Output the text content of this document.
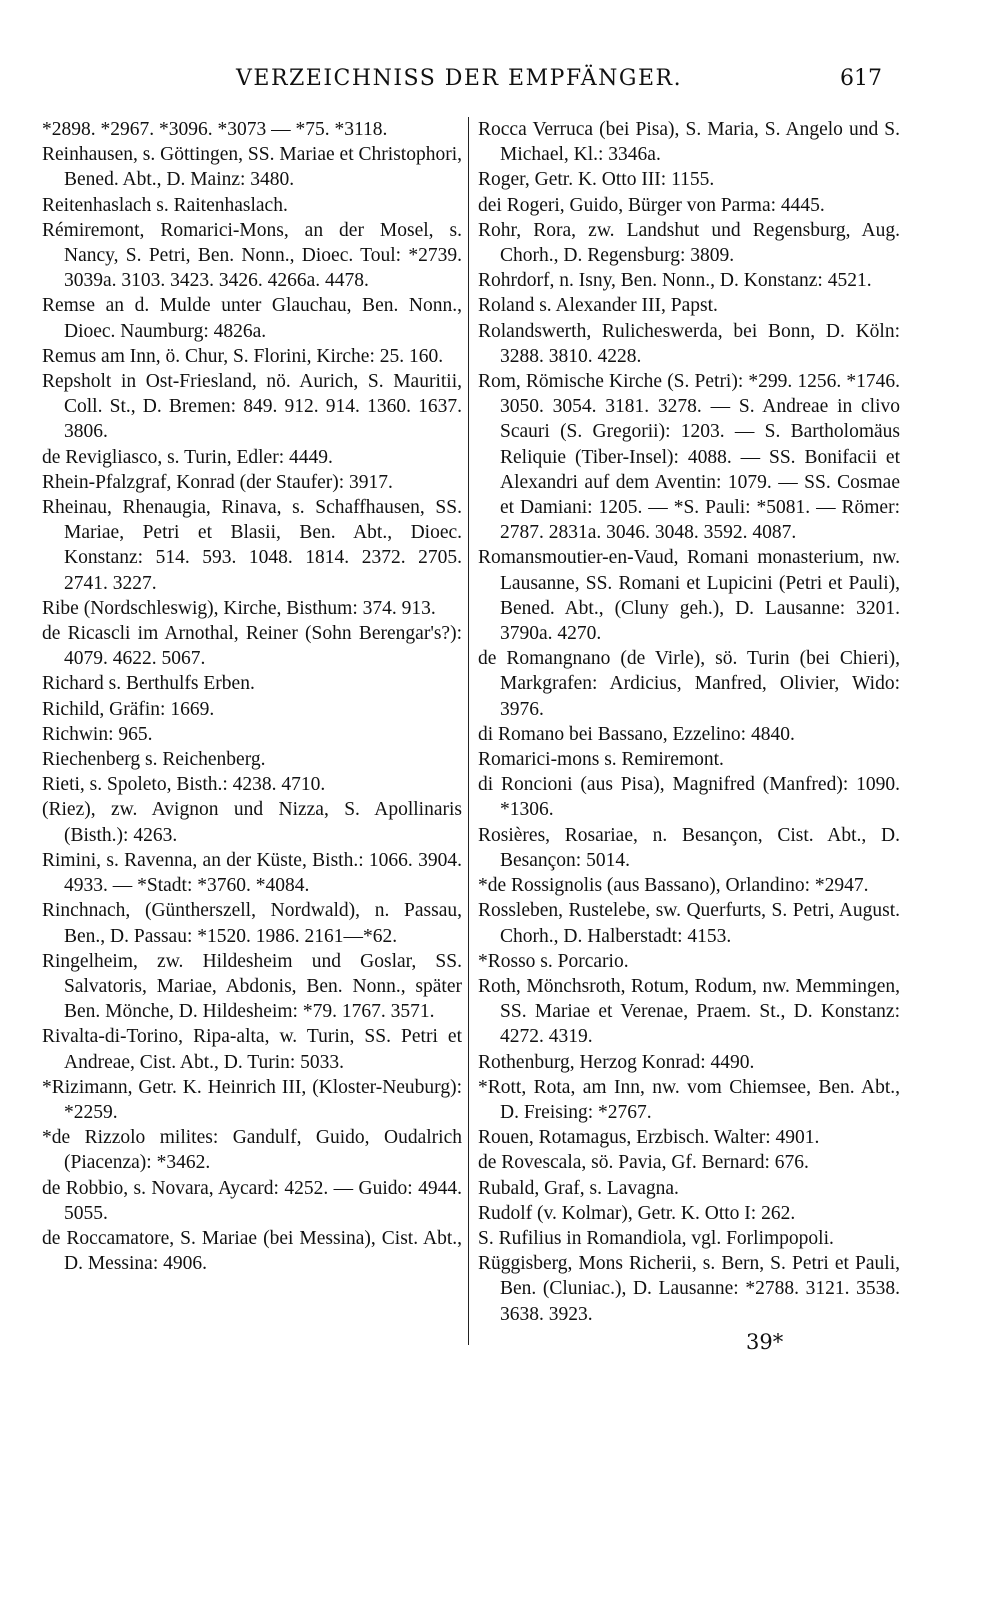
VERZEICHNISS DER EMPFÄNGER.	617

*2898. *2967. *3096. *3073 — *75. *3118.

Reinhausen, s. Göttingen, SS. Mariae et Christophori, Bened. Abt., D. Mainz: 3480.

Reitenhaslach s. Raitenhaslach.

Rémiremont, Romarici-Mons, an der Mosel, s. Nancy, S. Petri, Ben. Nonn., Dioec. Toul: *2739. 3039a. 3103. 3423. 3426. 4266a. 4478.

Remse an d. Mulde unter Glauchau, Ben. Nonn., Dioec. Naumburg: 4826a.

Remus am Inn, ö. Chur, S. Florini, Kirche: 25. 160.

Repsholt in Ost-Friesland, nö. Aurich, S. Mauritii, Coll. St., D. Bremen: 849. 912. 914. 1360. 1637. 3806.

de Revigliasco, s. Turin, Edler: 4449.

Rhein-Pfalzgraf, Konrad (der Staufer): 3917.

Rheinau, Rhenaugia, Rinava, s. Schaffhausen, SS. Mariae, Petri et Blasii, Ben. Abt., Dioec. Konstanz: 514. 593. 1048. 1814. 2372. 2705. 2741. 3227.

Ribe (Nordschleswig), Kirche, Bisthum: 374. 913.

de Ricascli im Arnothal, Reiner (Sohn Berengar's?): 4079. 4622. 5067.

Richard s. Berthulfs Erben.

Richild, Gräfin: 1669.

Richwin: 965.

Riechenberg s. Reichenberg.

Rieti, s. Spoleto, Bisth.: 4238. 4710.

(Riez), zw. Avignon und Nizza, S. Apollinaris (Bisth.): 4263.

Rimini, s. Ravenna, an der Küste, Bisth.: 1066. 3904. 4933. — *Stadt: *3760. *4084.

Rinchnach, (Güntherszell, Nordwald), n. Passau, Ben., D. Passau: *1520. 1986. 2161—*62.

Ringelheim, zw. Hildesheim und Goslar, SS. Salvatoris, Mariae, Abdonis, Ben. Nonn., später Ben. Mönche, D. Hildesheim: *79. 1767. 3571.

Rivalta-di-Torino, Ripa-alta, w. Turin, SS. Petri et Andreae, Cist. Abt., D. Turin: 5033.

*Rizimann, Getr. K. Heinrich III, (Kloster-Neuburg): *2259.

*de Rizzolo milites: Gandulf, Guido, Oudalrich (Piacenza): *3462.

de Robbio, s. Novara, Aycard: 4252. — Guido: 4944. 5055.

de Roccamatore, S. Mariae (bei Messina), Cist. Abt., D. Messina: 4906.

Rocca Verruca (bei Pisa), S. Maria, S. Angelo und S. Michael, Kl.: 3346a.

Roger, Getr. K. Otto III: 1155.

dei Rogeri, Guido, Bürger von Parma: 4445.

Rohr, Rora, zw. Landshut und Regensburg, Aug. Chorh., D. Regensburg: 3809.

Rohrdorf, n. Isny, Ben. Nonn., D. Konstanz: 4521.

Roland s. Alexander III, Papst.

Rolandswerth, Rulicheswerda, bei Bonn, D. Köln: 3288. 3810. 4228.

Rom, Römische Kirche (S. Petri): *299. 1256. *1746. 3050. 3054. 3181. 3278. — S. Andreae in clivo Scauri (S. Gregorii): 1203. — S. Bartholomäus Reliquie (Tiber-Insel): 4088. — SS. Bonifacii et Alexandri auf dem Aventin: 1079. — SS. Cosmae et Damiani: 1205. — *S. Pauli: *5081. — Römer: 2787. 2831a. 3046. 3048. 3592. 4087.

Romansmoutier-en-Vaud, Romani monasterium, nw. Lausanne, SS. Romani et Lupicini (Petri et Pauli), Bened. Abt., (Cluny geh.), D. Lausanne: 3201. 3790a. 4270.

de Romangnano (de Virle), sö. Turin (bei Chieri), Markgrafen: Ardicius, Manfred, Olivier, Wido: 3976.

di Romano bei Bassano, Ezzelino: 4840.

Romarici-mons s. Remiremont.

di Roncioni (aus Pisa), Magnifred (Manfred): 1090. *1306.

Rosières, Rosariae, n. Besançon, Cist. Abt., D. Besançon: 5014.

*de Rossignolis (aus Bassano), Orlandino: *2947.

Rossleben, Rustelebe, sw. Querfurts, S. Petri, August. Chorh., D. Halberstadt: 4153.

*Rosso s. Porcario.

Roth, Mönchsroth, Rotum, Rodum, nw. Memmingen, SS. Mariae et Verenae, Praem. St., D. Konstanz: 4272. 4319.

Rothenburg, Herzog Konrad: 4490.

*Rott, Rota, am Inn, nw. vom Chiemsee, Ben. Abt., D. Freising: *2767.

Rouen, Rotamagus, Erzbisch. Walter: 4901.

de Rovescala, sö. Pavia, Gf. Bernard: 676.

Rubald, Graf, s. Lavagna.

Rudolf (v. Kolmar), Getr. K. Otto I: 262.

S. Rufilius in Romandiola, vgl. Forlimpopoli.

Rüggisberg, Mons Richerii, s. Bern, S. Petri et Pauli, Ben. (Cluniac.), D. Lausanne: *2788. 3121. 3538. 3638. 3923.

39*
